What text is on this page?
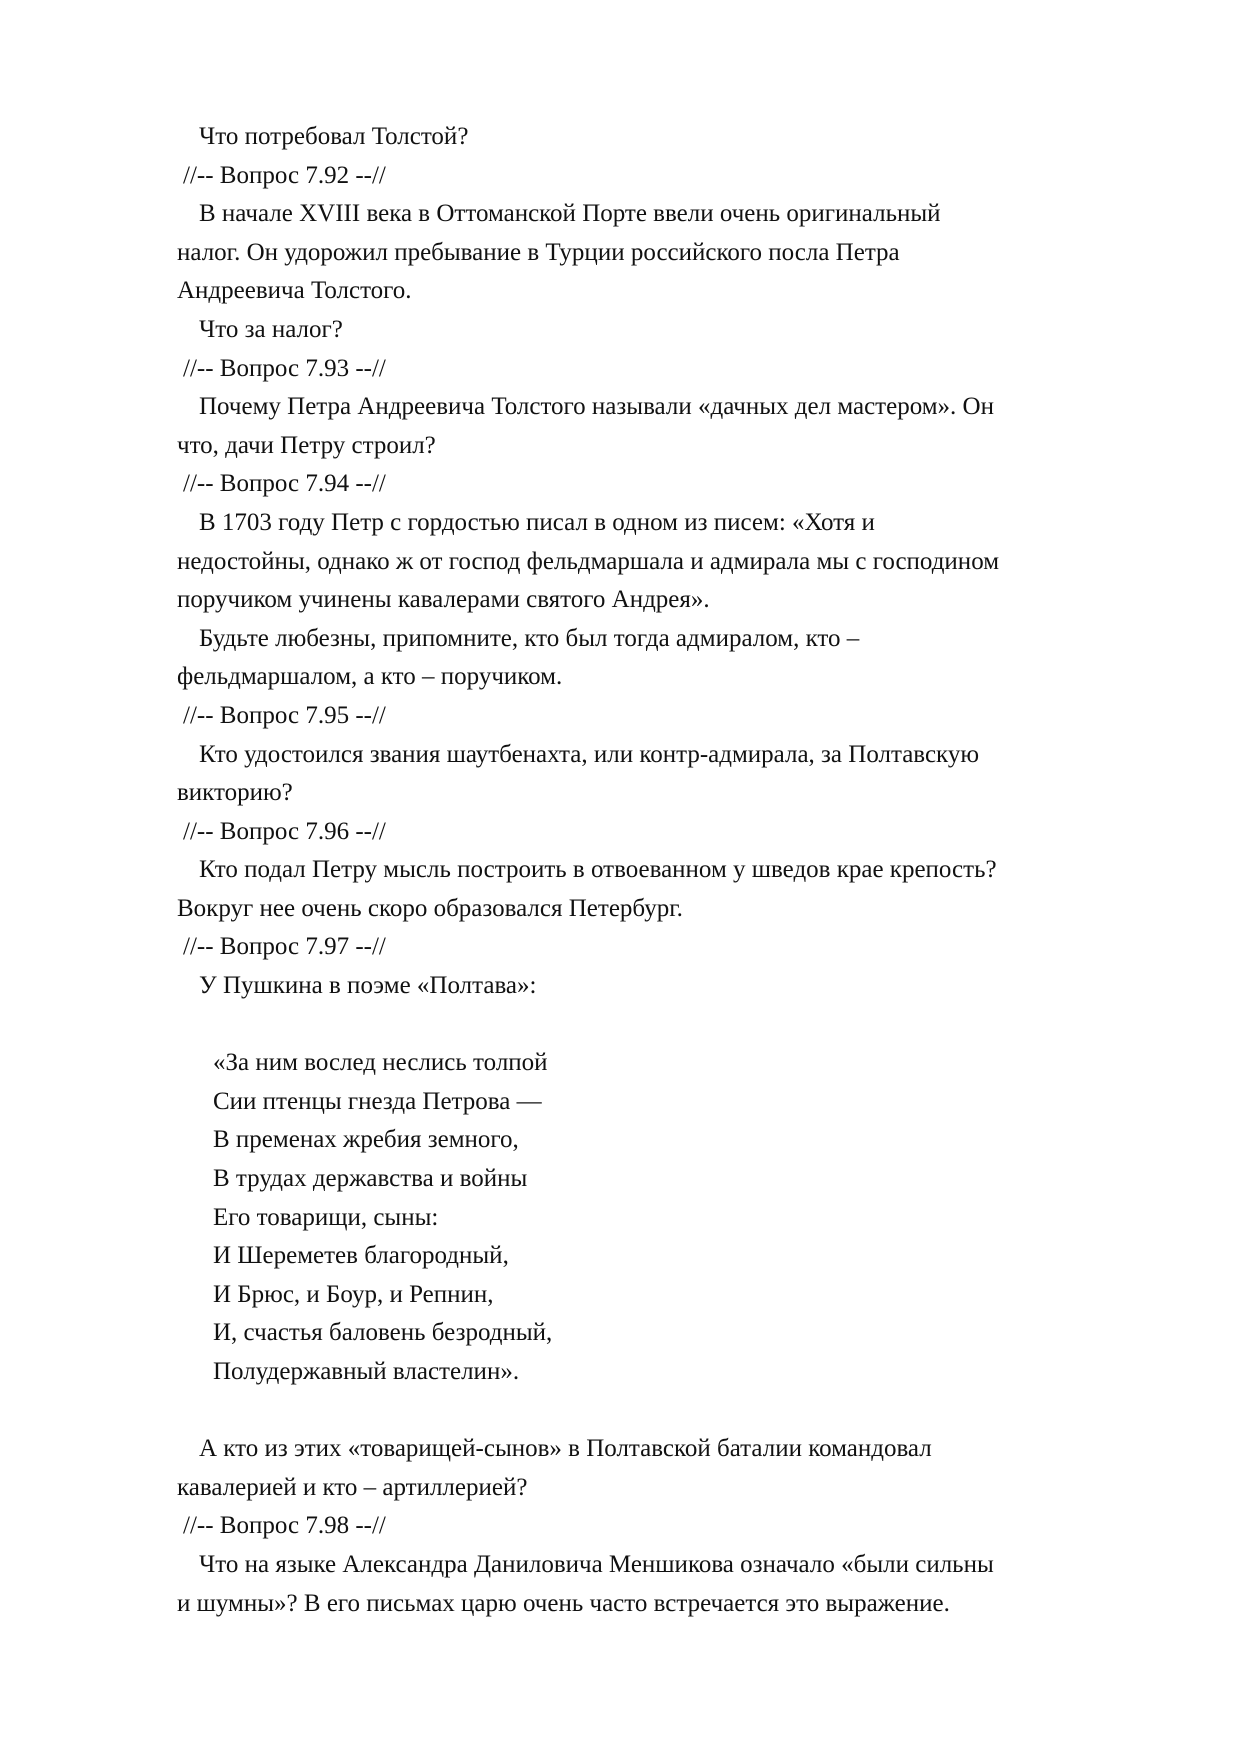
Что потребовал Толстой?
//-- Вопрос 7.92 --//
В начале XVIII века в Оттоманской Порте ввели очень оригинальный
налог. Он удорожил пребывание в Турции российского посла Петра
Андреевича Толстого.
Что за налог?
//-- Вопрос 7.93 --//
Почему Петра Андреевича Толстого называли «дачных дел мастером». Он
что, дачи Петру строил?
//-- Вопрос 7.94 --//
В 1703 году Петр с гордостью писал в одном из писем: «Хотя и
недостойны, однако ж от господ фельдмаршала и адмирала мы с господином
поручиком учинены кавалерами святого Андрея».
Будьте любезны, припомните, кто был тогда адмиралом, кто –
фельдмаршалом, а кто – поручиком.
//-- Вопрос 7.95 --//
Кто удостоился звания шаутбенахта, или контр-адмирала, за Полтавскую
викторию?
//-- Вопрос 7.96 --//
Кто подал Петру мысль построить в отвоеванном у шведов крае крепость?
Вокруг нее очень скоро образовался Петербург.
//-- Вопрос 7.97 --//
У Пушкина в поэме «Полтава»:
«За ним вослед неслись толпой
Сии птенцы гнезда Петрова —
В пременах жребия земного,
В трудах державства и войны
Его товарищи, сыны:
И Шереметев благородный,
И Брюс, и Боур, и Репнин,
И, счастья баловень безродный,
Полудержавный властелин».
А кто из этих «товарищей-сынов» в Полтавской баталии командовал
кавалерией и кто – артиллерией?
//-- Вопрос 7.98 --//
Что на языке Александра Даниловича Меншикова означало «были сильны
и шумны»? В его письмах царю очень часто встречается это выражение.
